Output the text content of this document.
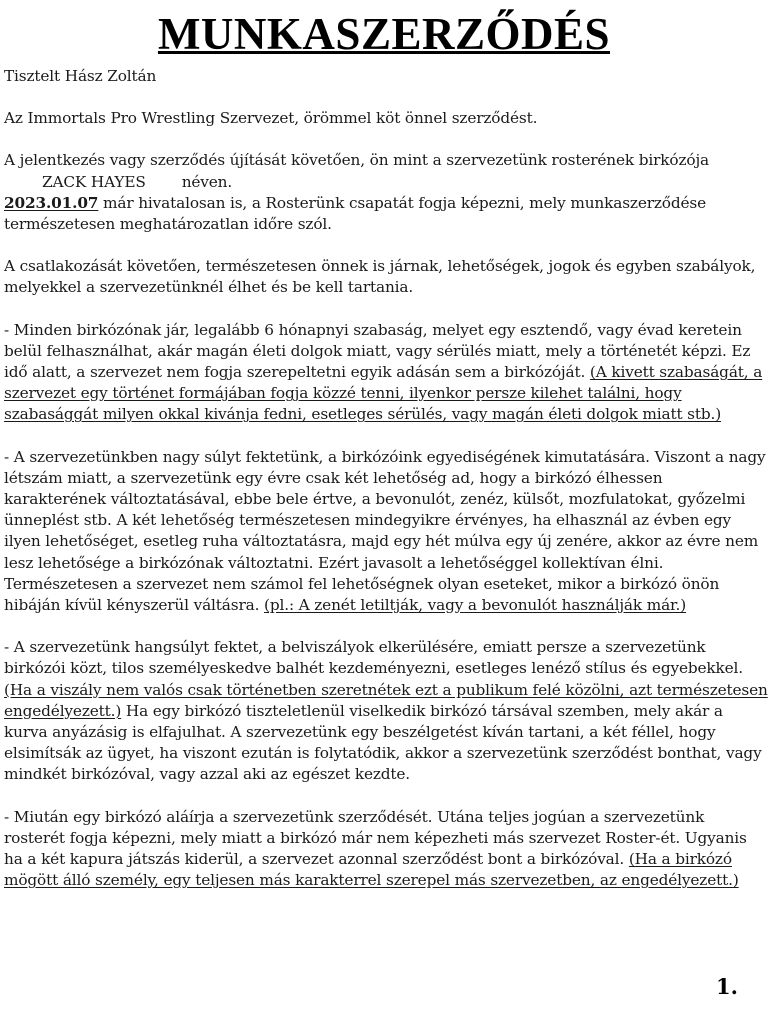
MUNKASZERZŐDÉS

Tisztelt Hász Zoltán

Az Immortals Pro Wrestling Szervezet, örömmel köt önnel szerződést.

A jelentkezés vagy szerződés újítását követően, ön mint a szervezetünk rosterének birkózója
ZACK HAYES néven.
2023.01.07 már hivatalosan is, a Rosterünk csapatát fogja képezni, mely munkaszerződése természetesen meghatározatlan időre szól.

A csatlakozását követően, természetesen önnek is járnak, lehetőségek, jogok és egyben szabályok, melyekkel a szervezetünknél élhet és be kell tartania.

- Minden birkózónak jár, legalább 6 hónapnyi szabaság, melyet egy esztendő, vagy évad keretein belül felhasználhat, akár magán életi dolgok miatt, vagy sérülés miatt, mely a történetét képzi. Ez idő alatt, a szervezet nem fogja szerepeltetni egyik adásán sem a birkózóját. (A kivett szabaságát, a szervezet egy történet formájában fogja közzé tenni, ilyenkor persze kilehet találni, hogy szabasággát milyen okkal kivánja fedni, esetleges sérülés, vagy magán életi dolgok miatt stb.)

- A szervezetünkben nagy súlyt fektetünk, a birkózóink egyediségének kimutatására. Viszont a nagy létszám miatt, a szervezetünk egy évre csak két lehetőség ad, hogy a birkózó élhessen karakterének változtatásával, ebbe bele értve, a bevonulót, zenéz, külsőt, mozfulatokat, győzelmi ünneplést stb. A két lehetőség természetesen mindegyikre érvényes, ha elhasznál az évben egy ilyen lehetőséget, esetleg ruha változtatásra, majd egy hét múlva egy új zenére, akkor az évre nem lesz lehetősége a birkózónak változtatni. Ezért javasolt a lehetőséggel kollektívan élni. Természetesen a szervezet nem számol fel lehetőségnek olyan eseteket, mikor a birkózó önön hibáján kívül kényszerül váltásra. (pl.: A zenét letiltják, vagy a bevonulót használják már.)

- A szervezetünk hangsúlyt fektet, a belviszályok elkerülésére, emiatt persze a szervezetünk birkózói közt, tilos személyeskedve balhét kezdeményezni, esetleges lenéző stílus és egyebekkel. (Ha a viszály nem valós csak történetben szeretnétek ezt a publikum felé közölni, azt természetesen engedélyezett.) Ha egy birkózó tiszteletlenül viselkedik birkózó társával szemben, mely akár a kurva anyázásig is elfajulhat. A szervezetünk egy beszélgetést kíván tartani, a két féllel, hogy elsimítsák az ügyet, ha viszont ezután is folytatódik, akkor a szervezetünk szerződést bonthat, vagy mindkét birkózóval, vagy azzal aki az egészet kezdte.

- Miután egy birkózó aláírja a szervezetünk szerződését. Utána teljes jogúan a szervezetünk rosterét fogja képezni, mely miatt a birkózó már nem képezheti más szervezet Roster-ét. Ugyanis ha a két kapura játszás kiderül, a szervezet azonnal szerződést bont a birkózóval. (Ha a birkózó mögött álló személy, egy teljesen más karakterrel szerepel más szervezetben, az engedélyezett.)

1.
